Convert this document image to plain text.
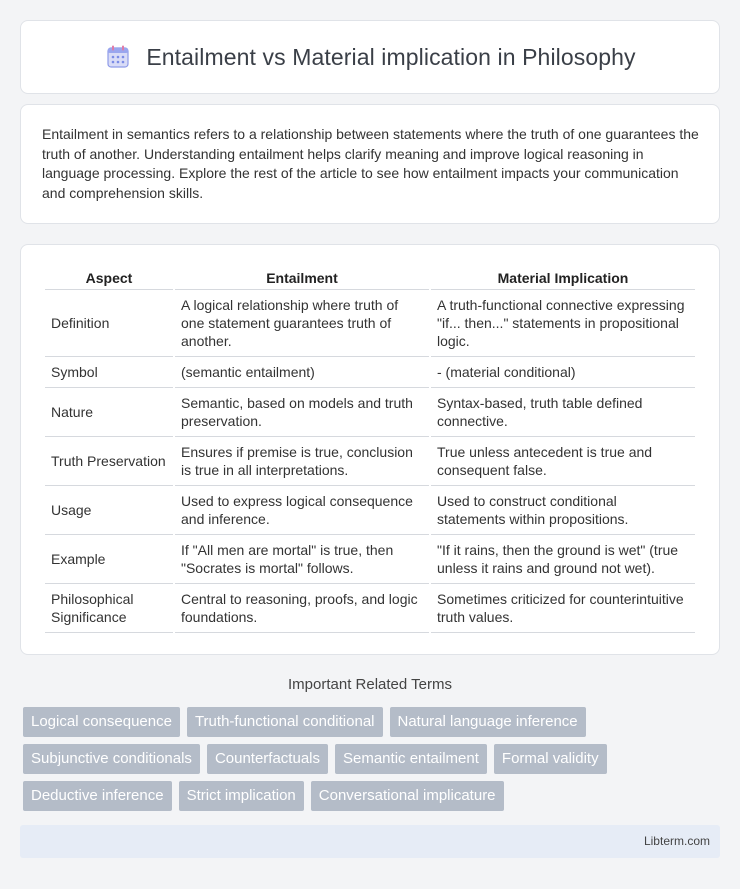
Entailment vs Material implication in Philosophy

Entailment in semantics refers to a relationship between statements where the truth of one guarantees the truth of another. Understanding entailment helps clarify meaning and improve logical reasoning in language processing. Explore the rest of the article to see how entailment impacts your communication and comprehension skills.

Aspect	Entailment	Material Implication
Definition	A logical relationship where truth of one statement guarantees truth of another.	A truth-functional connective expressing "if... then..." statements in propositional logic.
Symbol	(semantic entailment)	- (material conditional)
Nature	Semantic, based on models and truth preservation.	Syntax-based, truth table defined connective.
Truth Preservation	Ensures if premise is true, conclusion is true in all interpretations.	True unless antecedent is true and consequent false.
Usage	Used to express logical consequence and inference.	Used to construct conditional statements within propositions.
Example	If "All men are mortal" is true, then "Socrates is mortal" follows.	"If it rains, then the ground is wet" (true unless it rains and ground not wet).
Philosophical Significance	Central to reasoning, proofs, and logic foundations.	Sometimes criticized for counterintuitive truth values.
Important Related Terms
Logical consequence	Truth-functional conditional	Natural language inference
Subjunctive conditionals	Counterfactuals	Semantic entailment	Formal validity
Deductive inference	Strict implication	Conversational implicature
Libterm.com
